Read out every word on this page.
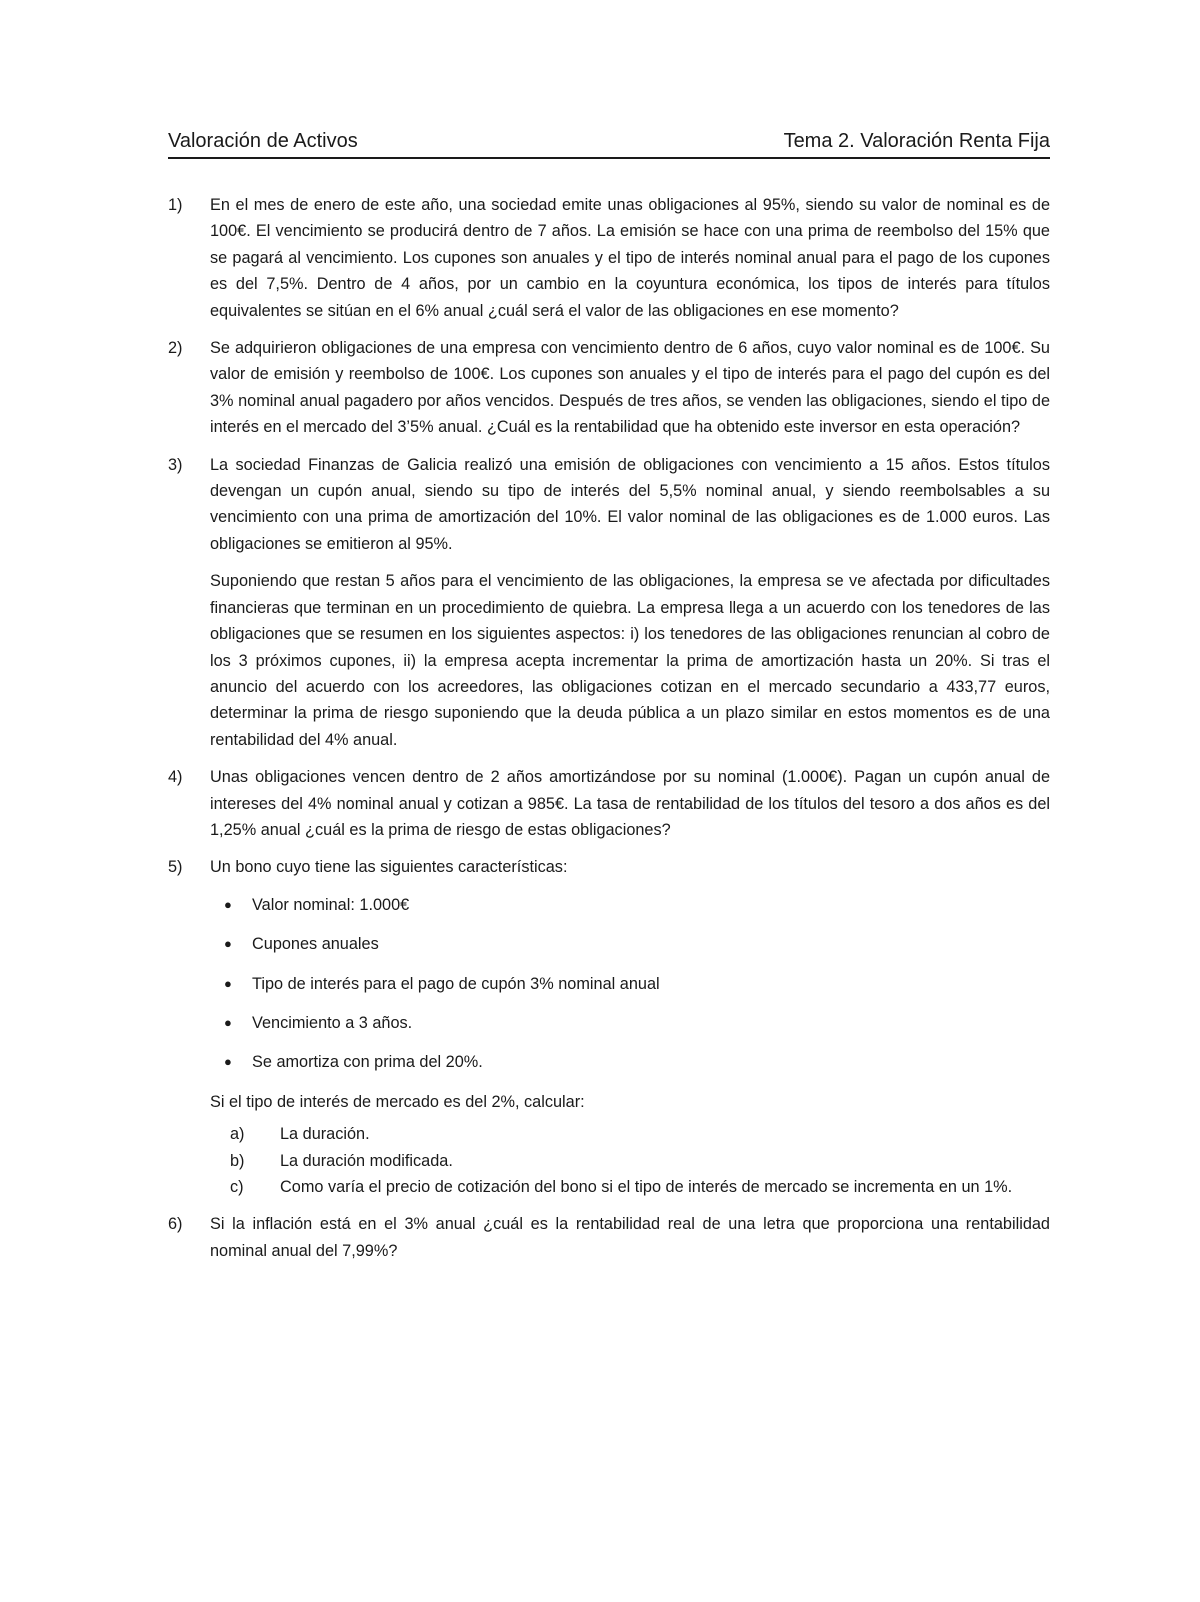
Valoración de Activos	Tema 2. Valoración Renta Fija
1)	En el mes de enero de este año, una sociedad emite unas obligaciones al 95%, siendo su valor de nominal es de 100€. El vencimiento se producirá dentro de 7 años. La emisión se hace con una prima de reembolso del 15% que se pagará al vencimiento. Los cupones son anuales y el tipo de interés nominal anual para el pago de los cupones es del 7,5%. Dentro de 4 años, por un cambio en la coyuntura económica, los tipos de interés para títulos equivalentes se sitúan en el 6% anual ¿cuál será el valor de las obligaciones en ese momento?

2)	Se adquirieron obligaciones de una empresa con vencimiento dentro de 6 años, cuyo valor nominal es de 100€. Su valor de emisión y reembolso de 100€. Los cupones son anuales y el tipo de interés para el pago del cupón es del 3% nominal anual pagadero por años vencidos. Después de tres años, se venden las obligaciones, siendo el tipo de interés en el mercado del 3’5% anual. ¿Cuál es la rentabilidad que ha obtenido este inversor en esta operación?

3)	La sociedad Finanzas de Galicia realizó una emisión de obligaciones con vencimiento a 15 años. Estos títulos devengan un cupón anual, siendo su tipo de interés del 5,5% nominal anual, y siendo reembolsables a su vencimiento con una prima de amortización del 10%. El valor nominal de las obligaciones es de 1.000 euros. Las obligaciones se emitieron al 95%.

Suponiendo que restan 5 años para el vencimiento de las obligaciones, la empresa se ve afectada por dificultades financieras que terminan en un procedimiento de quiebra. La empresa llega a un acuerdo con los tenedores de las obligaciones que se resumen en los siguientes aspectos: i) los tenedores de las obligaciones renuncian al cobro de los 3 próximos cupones, ii) la empresa acepta incrementar la prima de amortización hasta un 20%. Si tras el anuncio del acuerdo con los acreedores, las obligaciones cotizan en el mercado secundario a 433,77 euros, determinar la prima de riesgo suponiendo que la deuda pública a un plazo similar en estos momentos es de una rentabilidad del 4% anual.

4)	Unas obligaciones vencen dentro de 2 años amortizándose por su nominal (1.000€). Pagan un cupón anual de intereses del 4% nominal anual y cotizan a 985€. La tasa de rentabilidad de los títulos del tesoro a dos años es del 1,25% anual ¿cuál es la prima de riesgo de estas obligaciones?

5)	Un bono cuyo tiene las siguientes características:

●	Valor nominal: 1.000€
●	Cupones anuales
●	Tipo de interés para el pago de cupón 3% nominal anual
●	Vencimiento a 3 años.
●	Se amortiza con prima del 20%.

Si el tipo de interés de mercado es del 2%, calcular:

a)	La duración.
b)	La duración modificada.
c)	Como varía el precio de cotización del bono si el tipo de interés de mercado se incrementa en un 1%.
6)	Si la inflación está en el 3% anual ¿cuál es la rentabilidad real de una letra que proporciona una rentabilidad nominal anual del 7,99%?
